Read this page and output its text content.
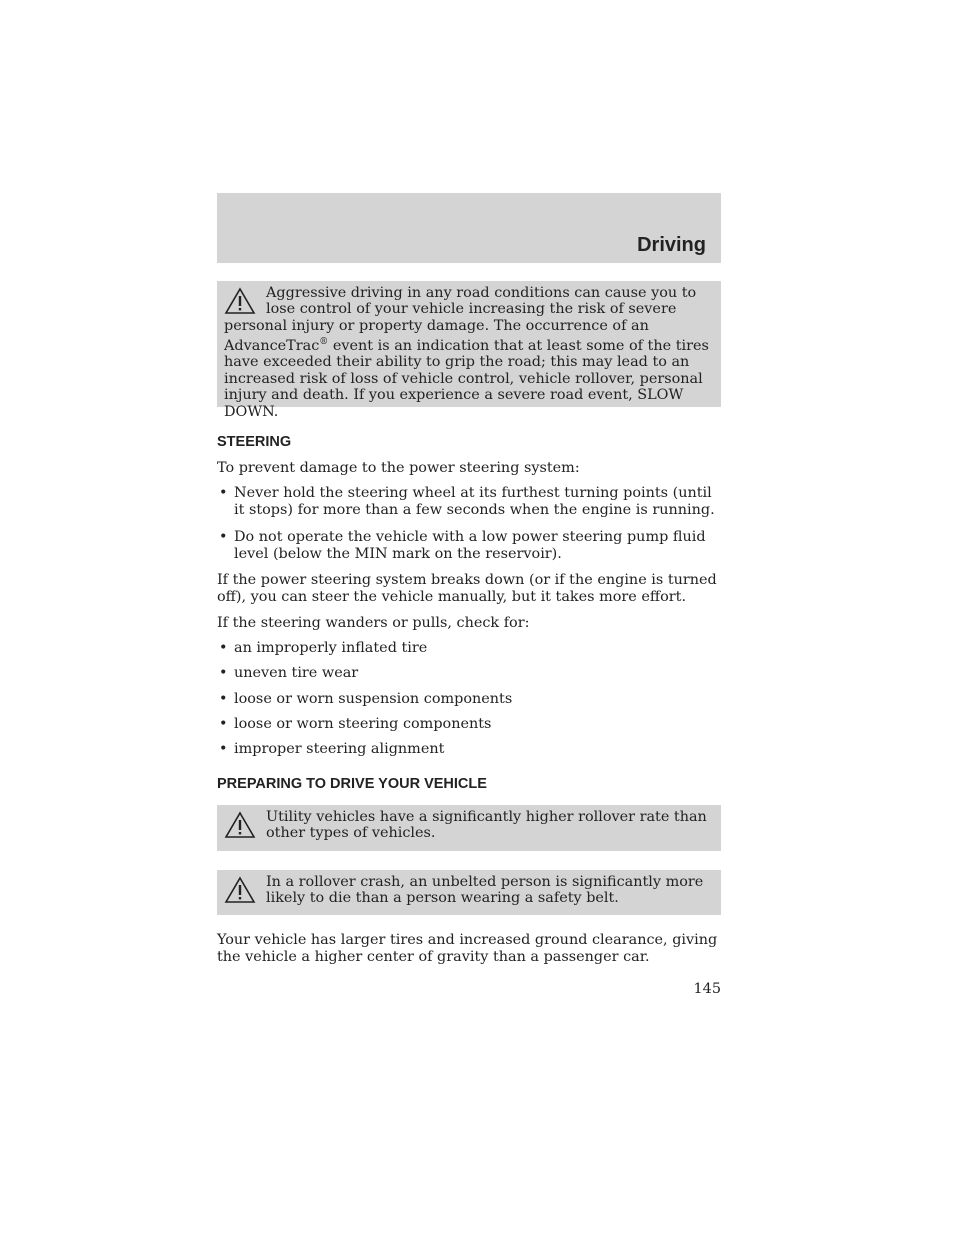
Driving

Aggressive driving in any road conditions can cause you to lose control of your vehicle increasing the risk of severe personal injury or property damage. The occurrence of an AdvanceTrac® event is an indication that at least some of the tires have exceeded their ability to grip the road; this may lead to an increased risk of loss of vehicle control, vehicle rollover, personal injury and death. If you experience a severe road event, SLOW DOWN.

STEERING

To prevent damage to the power steering system:

• Never hold the steering wheel at its furthest turning points (until it stops) for more than a few seconds when the engine is running.

• Do not operate the vehicle with a low power steering pump fluid level (below the MIN mark on the reservoir).

If the power steering system breaks down (or if the engine is turned off), you can steer the vehicle manually, but it takes more effort.

If the steering wanders or pulls, check for:

• an improperly inflated tire

• uneven tire wear

• loose or worn suspension components

• loose or worn steering components

• improper steering alignment

PREPARING TO DRIVE YOUR VEHICLE

Utility vehicles have a significantly higher rollover rate than other types of vehicles.

In a rollover crash, an unbelted person is significantly more likely to die than a person wearing a safety belt.

Your vehicle has larger tires and increased ground clearance, giving the vehicle a higher center of gravity than a passenger car.

145
